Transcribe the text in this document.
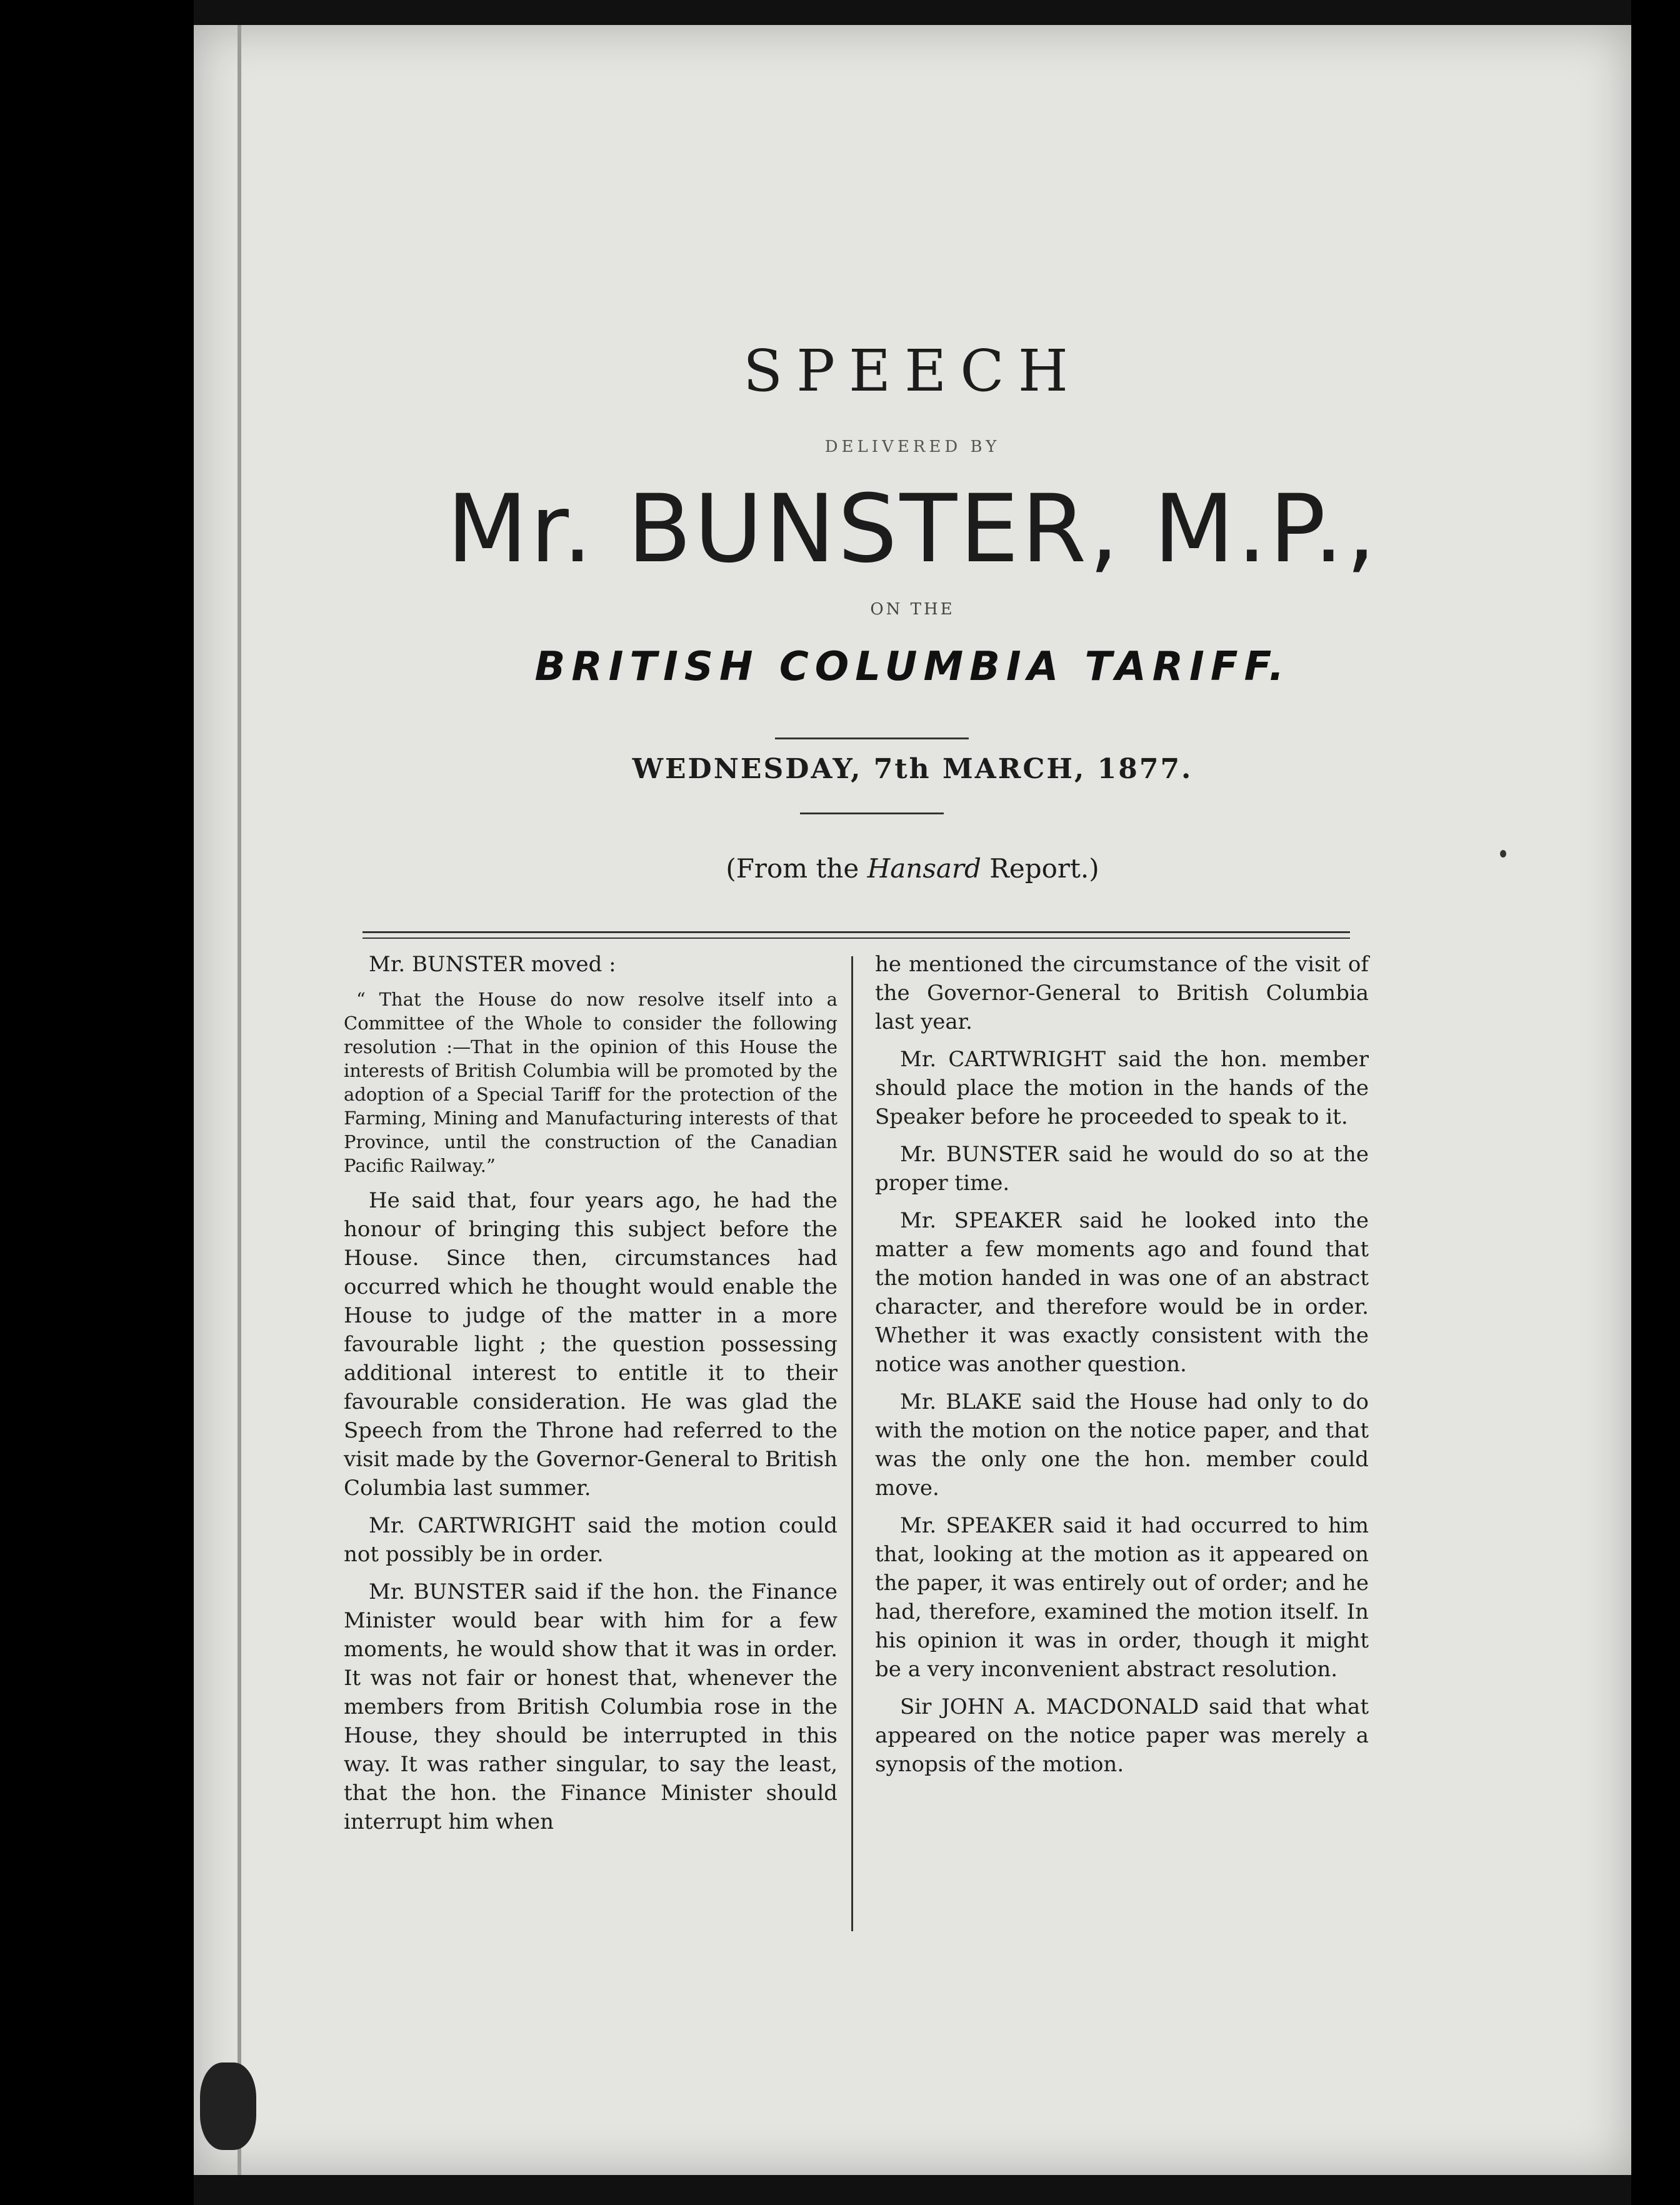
SPEECH
DELIVERED BY
Mr. BUNSTER, M.P.,
ON THE
BRITISH COLUMBIA TARIFF.
WEDNESDAY, 7th MARCH, 1877.
(From the Hansard Report.)

Mr. BUNSTER moved :

“ That the House do now resolve itself into a Committee of the Whole to consider the following resolution :—That in the opinion of this House the interests of British Columbia will be promoted by the adoption of a Special Tariff for the protection of the Farming, Mining and Manufacturing interests of that Province, until the construction of the Canadian Pacific Railway.”

He said that, four years ago, he had the honour of bringing this subject before the House. Since then, circumstances had occurred which he thought would enable the House to judge of the matter in a more favourable light ; the question possessing additional interest to entitle it to their favourable consideration. He was glad the Speech from the Throne had referred to the visit made by the Governor-General to British Columbia last summer.

Mr. CARTWRIGHT said the motion could not possibly be in order.

Mr. BUNSTER said if the hon. the Finance Minister would bear with him for a few moments, he would show that it was in order. It was not fair or honest that, whenever the members from British Columbia rose in the House, they should be interrupted in this way. It was rather singular, to say the least, that the hon. the Finance Minister should interrupt him when

he mentioned the circumstance of the visit of the Governor-General to British Columbia last year.

Mr. CARTWRIGHT said the hon. member should place the motion in the hands of the Speaker before he proceeded to speak to it.

Mr. BUNSTER said he would do so at the proper time.

Mr. SPEAKER said he looked into the matter a few moments ago and found that the motion handed in was one of an abstract character, and therefore would be in order. Whether it was exactly consistent with the notice was another question.

Mr. BLAKE said the House had only to do with the motion on the notice paper, and that was the only one the hon. member could move.

Mr. SPEAKER said it had occurred to him that, looking at the motion as it appeared on the paper, it was entirely out of order; and he had, therefore, examined the motion itself. In his opinion it was in order, though it might be a very inconvenient abstract resolution.

Sir JOHN A. MACDONALD said that what appeared on the notice paper was merely a synopsis of the motion.
